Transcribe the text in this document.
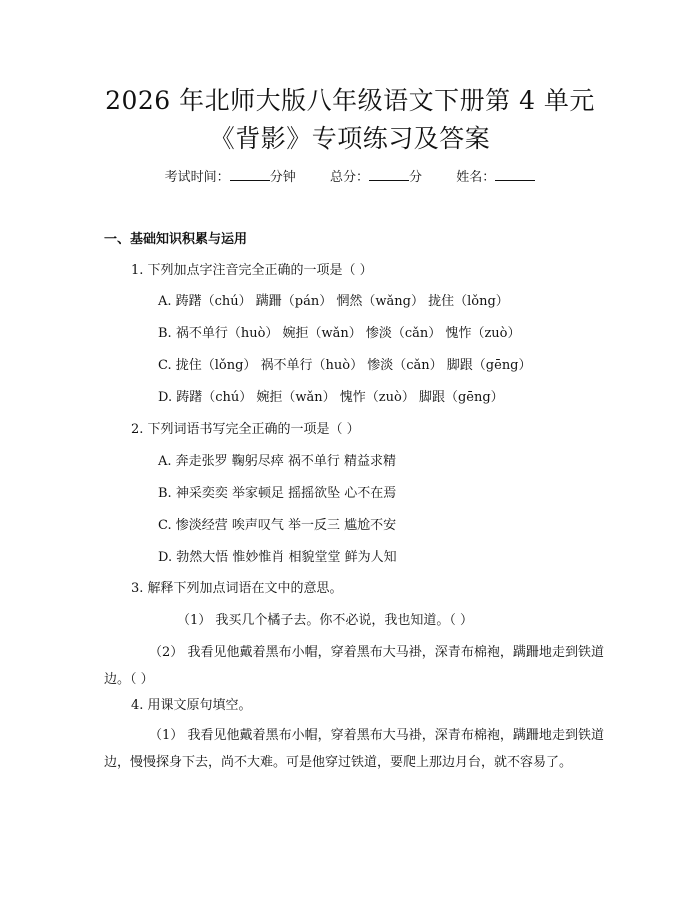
2026 年北师大版八年级语文下册第 4 单元
《背影》专项练习及答案
考试时间：	分钟	总分：	分	姓名：
一、基础知识积累与运用
1. 下列加点字注音完全正确的一项是（ ）
A. 踌躇（chú） 蹒跚（pán） 惘然（wǎng） 拢住（lǒng）
B. 祸不单行（huò） 婉拒（wǎn） 惨淡（cǎn） 愧怍（zuò）
C. 拢住（lǒng） 祸不单行（huò） 惨淡（cǎn） 脚跟（gēng）
D. 踌躇（chú） 婉拒（wǎn） 愧怍（zuò） 脚跟（gēng）
2. 下列词语书写完全正确的一项是（ ）
A. 奔走张罗 鞠躬尽瘁 祸不单行 精益求精
B. 神采奕奕 举家顿足 摇摇欲坠 心不在焉
C. 惨淡经营 唉声叹气 举一反三 尴尬不安
D. 勃然大悟 惟妙惟肖 相貌堂堂 鲜为人知
3. 解释下列加点词语在文中的意思。
（1） 我买几个橘子去。你不必说，我也知道。（ ）
（2） 我看见他戴着黑布小帽，穿着黑布大马褂，深青布棉袍，蹒跚地走到铁道边。（ ）
4. 用课文原句填空。
（1） 我看见他戴着黑布小帽，穿着黑布大马褂，深青布棉袍，蹒跚地走到铁道边，慢慢探身下去，尚不大难。可是他穿过铁道，要爬上那边月台，就不容易了。
